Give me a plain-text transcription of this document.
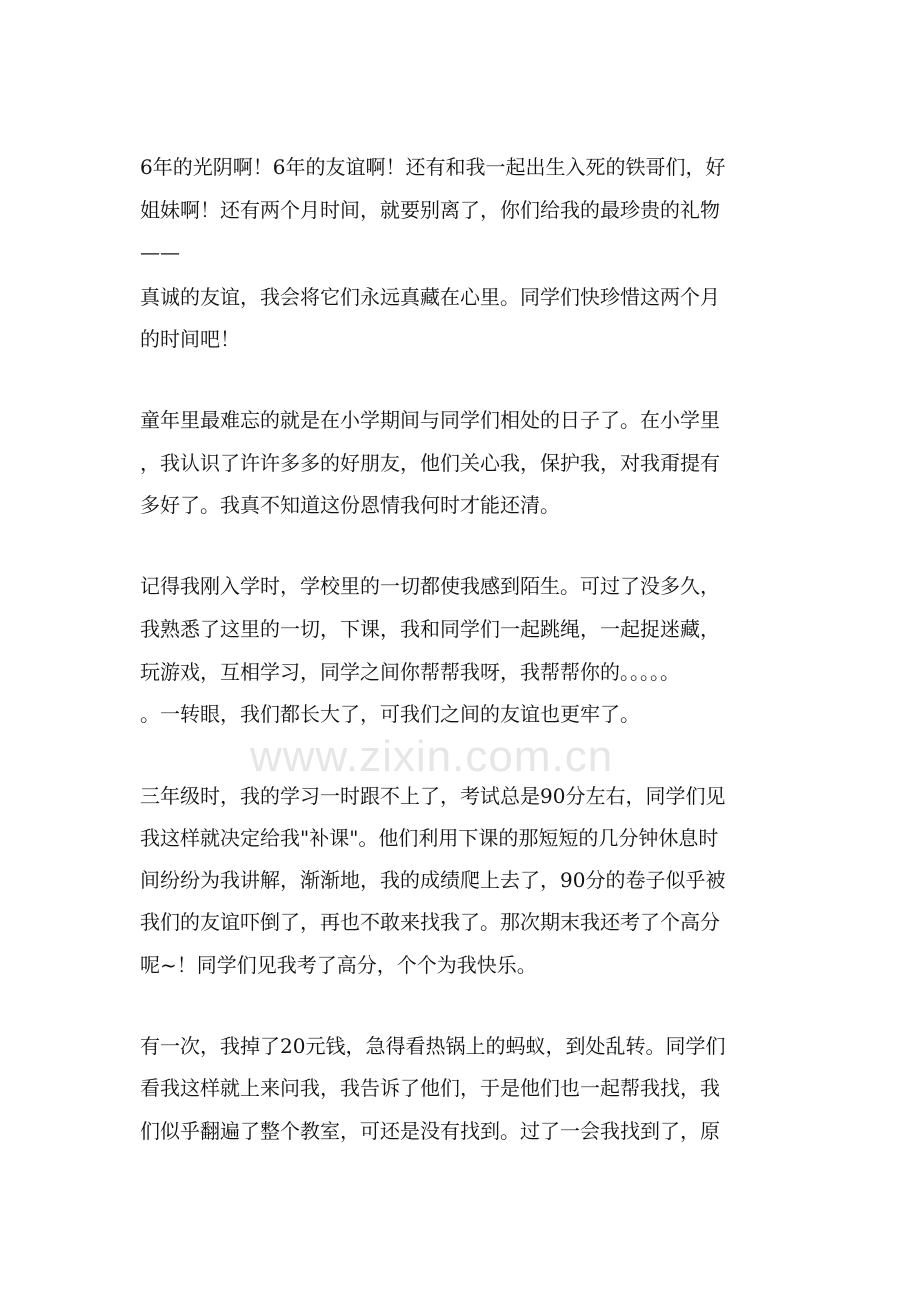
www.zixin.com.cn
6年的光阴啊！6年的友谊啊！还有和我一起出生入死的铁哥们，好
姐妹啊！还有两个月时间，就要别离了，你们给我的最珍贵的礼物
——
真诚的友谊，我会将它们永远真藏在心里。同学们快珍惜这两个月
的时间吧！
童年里最难忘的就是在小学期间与同学们相处的日子了。在小学里
，我认识了许许多多的好朋友，他们关心我，保护我，对我甭提有
多好了。我真不知道这份恩情我何时才能还清。
记得我刚入学时，学校里的一切都使我感到陌生。可过了没多久，
我熟悉了这里的一切，下课，我和同学们一起跳绳，一起捉迷藏，
玩游戏，互相学习，同学之间你帮帮我呀，我帮帮你的。。。。。
。一转眼，我们都长大了，可我们之间的友谊也更牢了。
三年级时，我的学习一时跟不上了，考试总是90分左右，同学们见
我这样就决定给我"补课"。他们利用下课的那短短的几分钟休息时
间纷纷为我讲解，渐渐地，我的成绩爬上去了，90分的卷子似乎被
我们的友谊吓倒了，再也不敢来找我了。那次期末我还考了个高分
呢~！同学们见我考了高分，个个为我快乐。
有一次，我掉了20元钱，急得看热锅上的蚂蚁，到处乱转。同学们
看我这样就上来问我，我告诉了他们，于是他们也一起帮我找，我
们似乎翻遍了整个教室，可还是没有找到。过了一会我找到了，原
